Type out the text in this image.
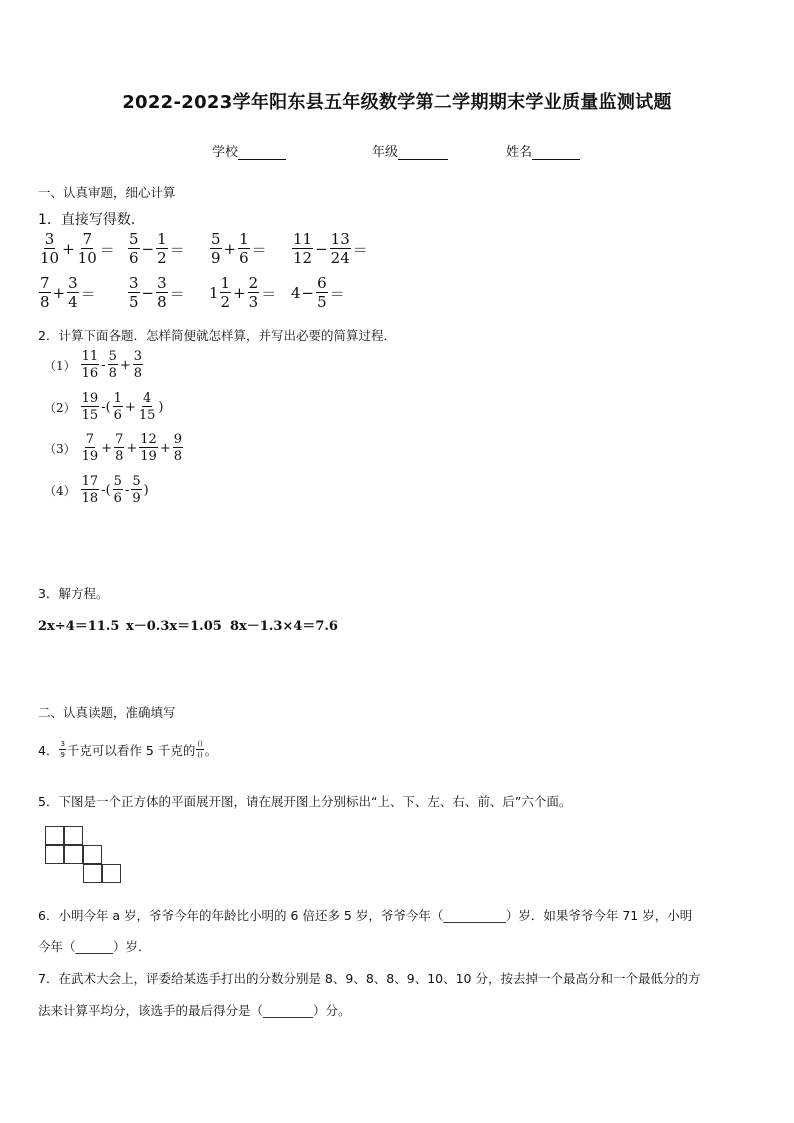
2022-2023学年阳东县五年级数学第二学期期末学业质量监测试题
学校	年级	姓名
一、认真审题，细心计算
1．直接写得数．
$\frac{3}{10} + \frac{7}{10} = \frac{5}{6} - \frac{1}{2} = \frac{5}{9} + \frac{1}{6} = \frac{11}{12} - \frac{13}{24}$ ＝
$\frac{7}{8} + \frac{3}{4} = \frac{3}{5} - \frac{3}{8} = 1 \frac{1}{2} + \frac{2}{3} = 4 - \frac{6}{5}$ ＝
2．计算下面各题．怎样简便就怎样算，并写出必要的简算过程．
$(1) \frac{11}{16} - \frac{5}{8} + \frac{3}{8}$
$(2) \frac{19}{15}$ -( $\frac{1}{6} + \frac{4}{15}$ )
$(3) \frac{7}{19} + \frac{7}{8} + \frac{12}{19} + \frac{9}{8}$
$(4) \frac{17}{18}$ -( $\frac{5}{6} - \frac{5}{9}$ )
3．解方程。
2x÷4＝11.5 x－0.3x＝1.05 8x－1.3×4＝7.6
二、认真读题，准确填写
4． $\frac{3}{9}$ 千克可以看作 5 千克的 $\frac{()}{()}$ 。
5．下图是一个正方体的平面展开图，请在展开图上分别标出“上、下、左、右、前、后”六个面。
6．小明今年 a 岁，爷爷今年的年龄比小明的 6 倍还多 5 岁，爷爷今年（__________）岁．如果爷爷今年 71 岁，小明
今年（______）岁．
7．在武术大会上，评委给某选手打出的分数分别是 8、9、8、8、9、10、10 分，按去掉一个最高分和一个最低分的方
法来计算平均分，该选手的最后得分是（________）分。
